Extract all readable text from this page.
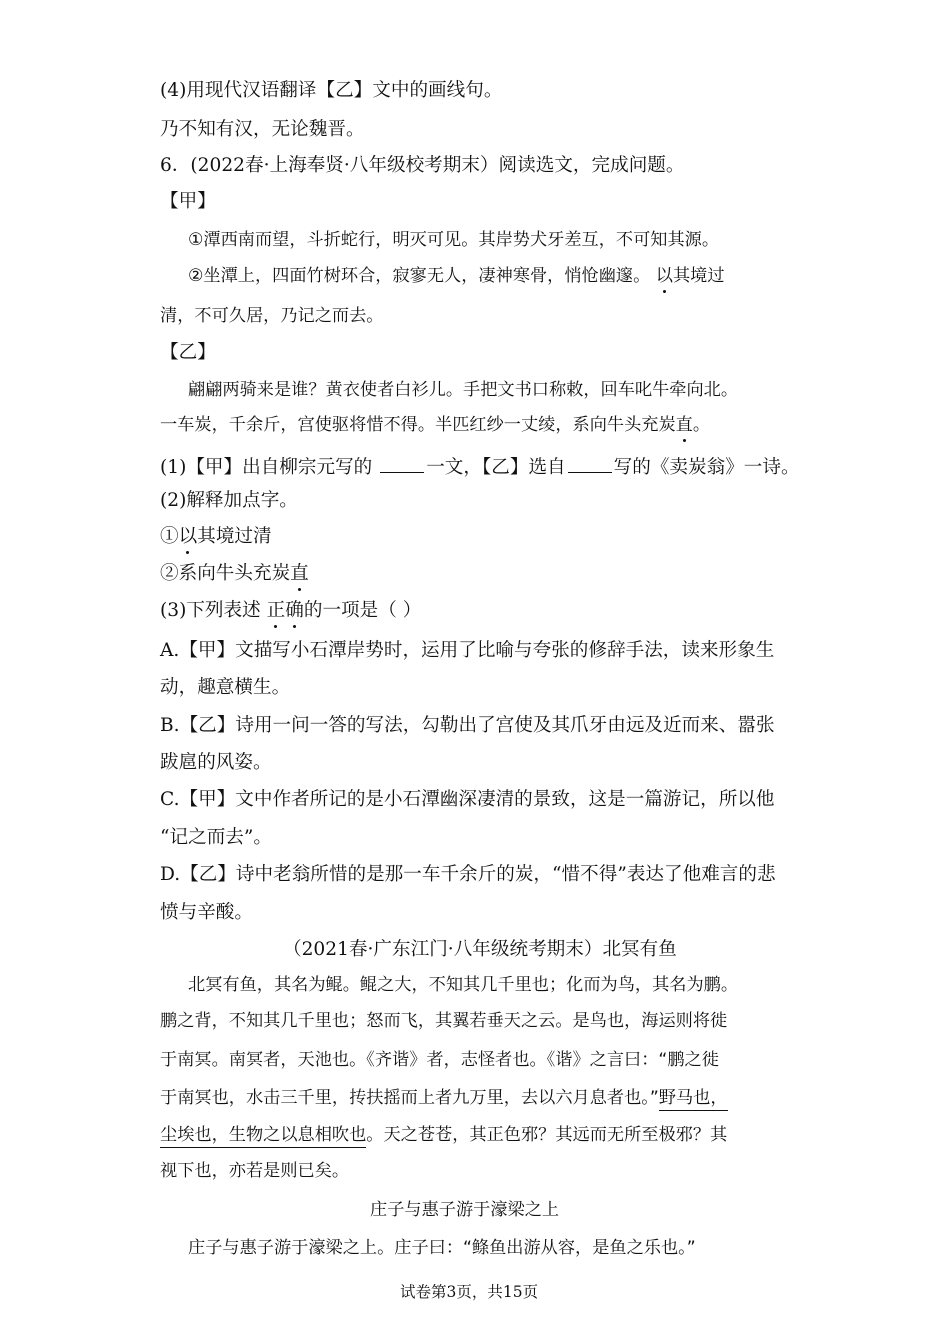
(4)用现代汉语翻译【乙】文中的画线句。
乃不知有汉，无论魏晋。
6．(2022春·上海奉贤·八年级校考期末）阅读选文，完成问题。
【甲】
①潭西南而望，斗折蛇行，明灭可见。其岸势犬牙差互，不可知其源。
②坐潭上，四面竹树环合，寂寥无人，凄神寒骨，悄怆幽邃。 以其境过
清，不可久居，乃记之而去。
【乙】
翩翩两骑来是谁？黄衣使者白衫儿。手把文书口称敕，回车叱牛牵向北。
一车炭，千余斤，宫使驱将惜不得。半匹红纱一丈绫，系向牛头充炭直。
(1)【甲】出自柳宗元写的	一文，【乙】选自	写的《卖炭翁》一诗。
(2)解释加点字。
①以其境过清
②系向牛头充炭直
(3)下列表述 正确的一项是（ ）
A.【甲】文描写小石潭岸势时，运用了比喻与夸张的修辞手法，读来形象生
动，趣意横生。
B.【乙】诗用一问一答的写法，勾勒出了宫使及其爪牙由远及近而来、嚣张
跋扈的风姿。
C.【甲】文中作者所记的是小石潭幽深凄清的景致，这是一篇游记，所以他
“记之而去”。
D.【乙】诗中老翁所惜的是那一车千余斤的炭，“惜不得”表达了他难言的悲
愤与辛酸。
（2021春·广东江门·八年级统考期末）北冥有鱼
北冥有鱼，其名为鲲。鲲之大，不知其几千里也；化而为鸟，其名为鹏。
鹏之背，不知其几千里也；怒而飞，其翼若垂天之云。是鸟也，海运则将徙
于南冥。南冥者，天池也。《齐谐》者，志怪者也。《谐》之言曰：“鹏之徙
于南冥也，水击三千里，抟扶摇而上者九万里，去以六月息者也。”野马也，
尘埃也，生物之以息相吹也。天之苍苍，其正色邪？其远而无所至极邪？其
视下也，亦若是则已矣。
庄子与惠子游于濠梁之上
庄子与惠子游于濠梁之上。庄子曰：“鲦鱼出游从容，是鱼之乐也。”
试卷第3页，共15页
